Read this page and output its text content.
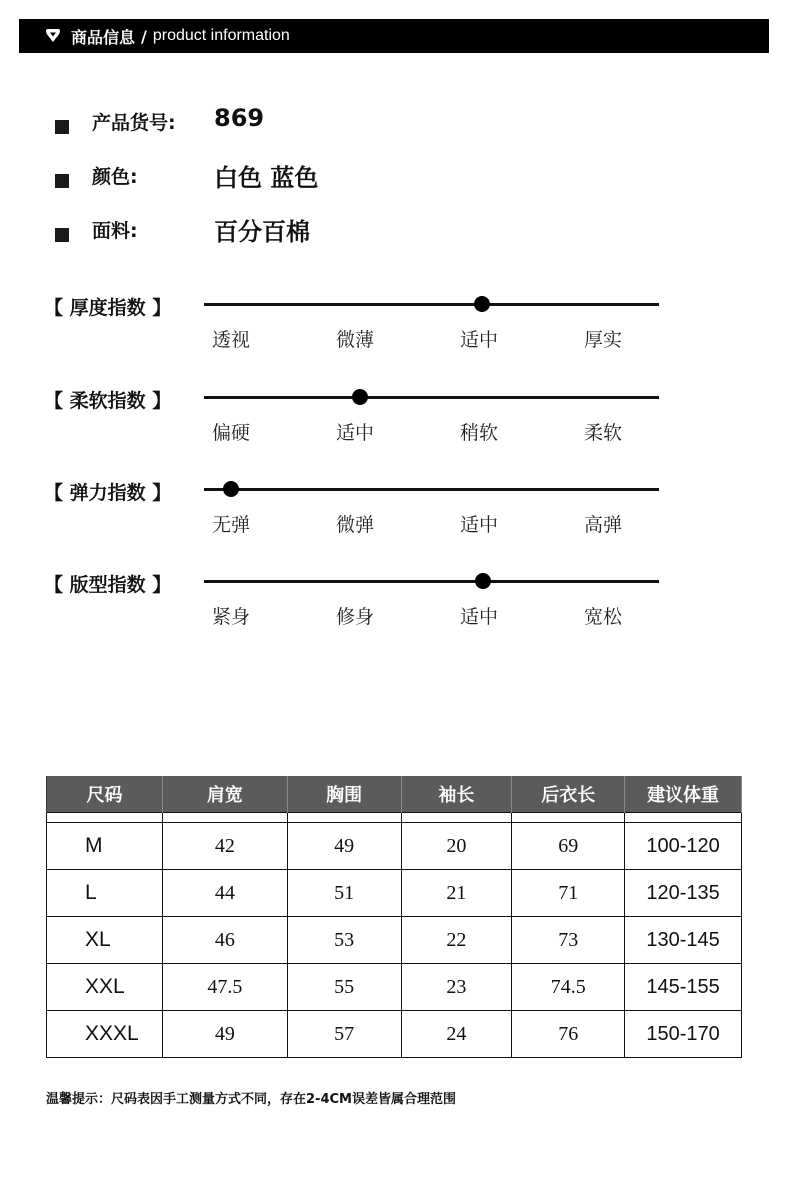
商品信息 / product information
产品货号: 869
颜色:	白色 蓝色
面料:	百分百棉
【 厚度指数 】
透视	微薄	适中	厚实
【 柔软指数 】
偏硬	适中	稍软	柔软
【 弹力指数 】
无弹	微弹	适中	高弹
【 版型指数 】
紧身	修身	适中	宽松
尺码	肩宽	胸围	袖长	后衣长	建议体重

M	42	49	20	69	100-120
L	44	51	21	71	120-135
XL	46	53	22	73	130-145
XXL	47.5	55	23	74.5	145-155
XXXL	49	57	24	76	150-170
温馨提示：尺码表因手工测量方式不同，存在2-4CM误差皆属合理范围
